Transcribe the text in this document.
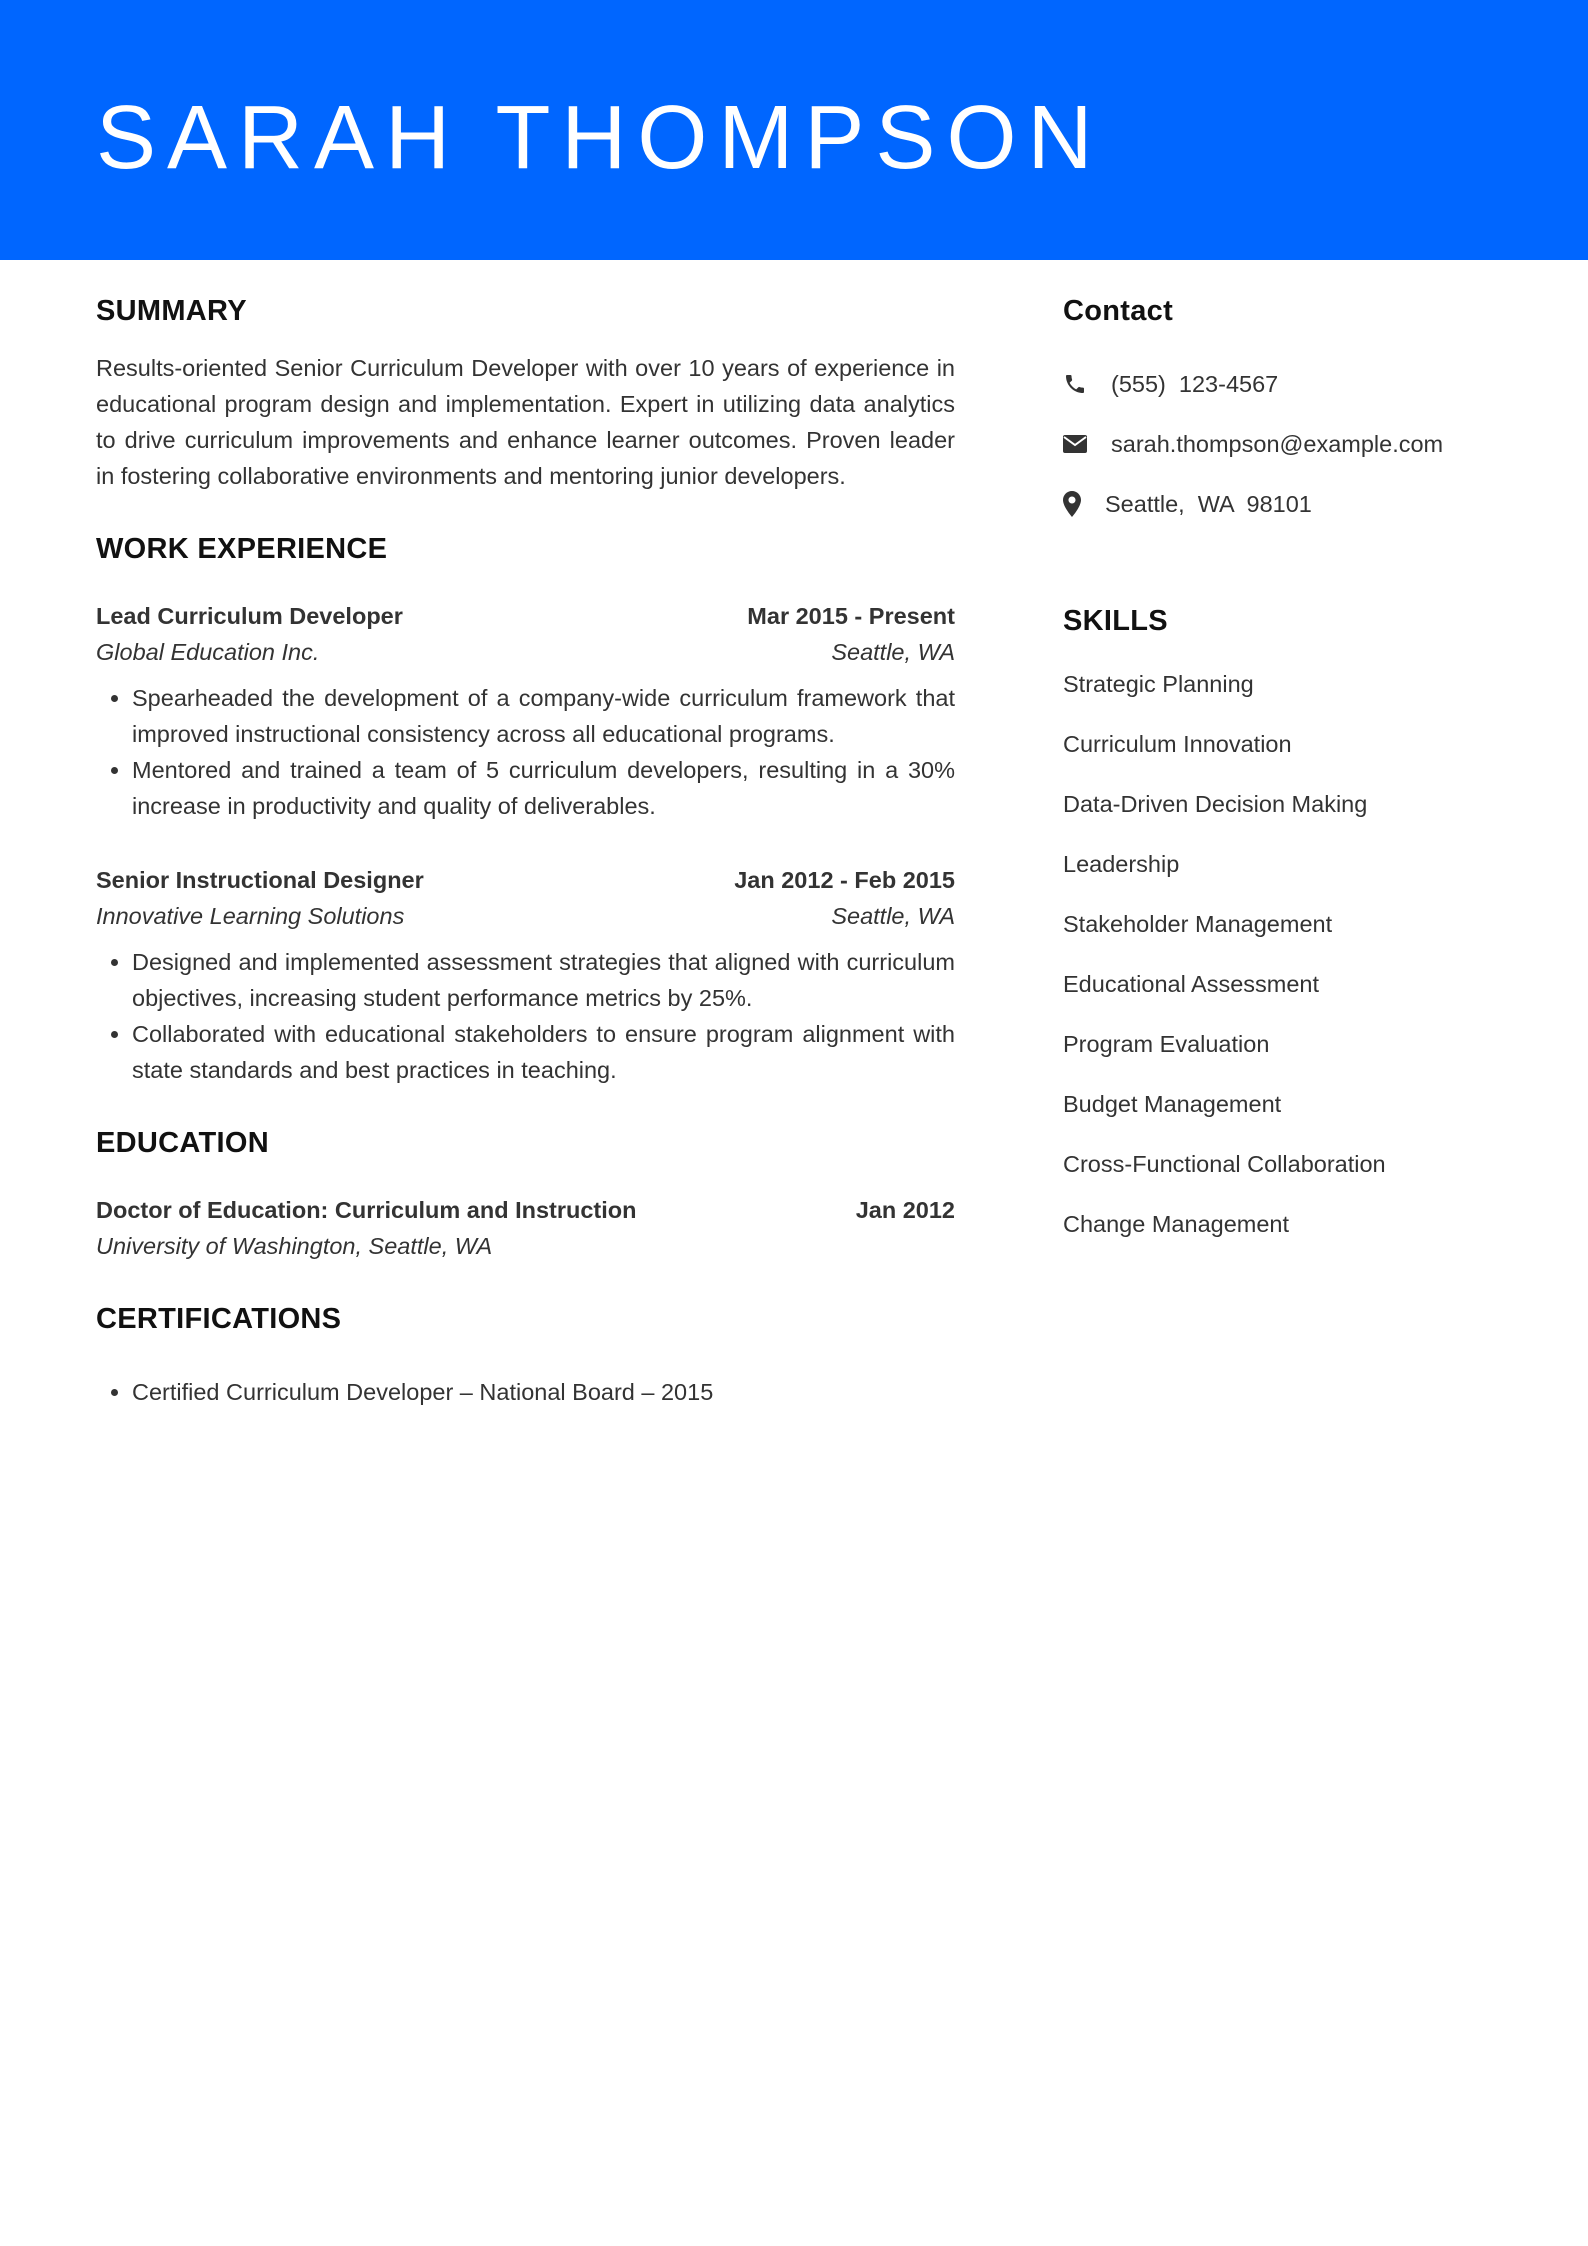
SARAH THOMPSON
SUMMARY

Results-oriented Senior Curriculum Developer with over 10 years of experience in educational program design and implementation. Expert in utilizing data analytics to drive curriculum improvements and enhance learner outcomes. Proven leader in fostering collaborative environments and mentoring junior developers.

WORK EXPERIENCE
Lead Curriculum Developer	Mar 2015 - Present
Global Education Inc.	Seattle, WA
• Spearheaded the development of a company-wide curriculum framework that improved instructional consistency across all educational programs.
• Mentored and trained a team of 5 curriculum developers, resulting in a 30% increase in productivity and quality of deliverables.
Senior Instructional Designer	Jan 2012 - Feb 2015
Innovative Learning Solutions	Seattle, WA
• Designed and implemented assessment strategies that aligned with curriculum objectives, increasing student performance metrics by 25%.
• Collaborated with educational stakeholders to ensure program alignment with state standards and best practices in teaching.
EDUCATION
Doctor of Education: Curriculum and Instruction	Jan 2012
University of Washington, Seattle, WA
CERTIFICATIONS
• Certified Curriculum Developer – National Board – 2015
Contact
(555)  123-4567
sarah.thompson@example.com
Seattle,  WA  98101
SKILLS
Strategic Planning
Curriculum Innovation
Data-Driven Decision Making
Leadership
Stakeholder Management
Educational Assessment
Program Evaluation
Budget Management
Cross-Functional Collaboration
Change Management
